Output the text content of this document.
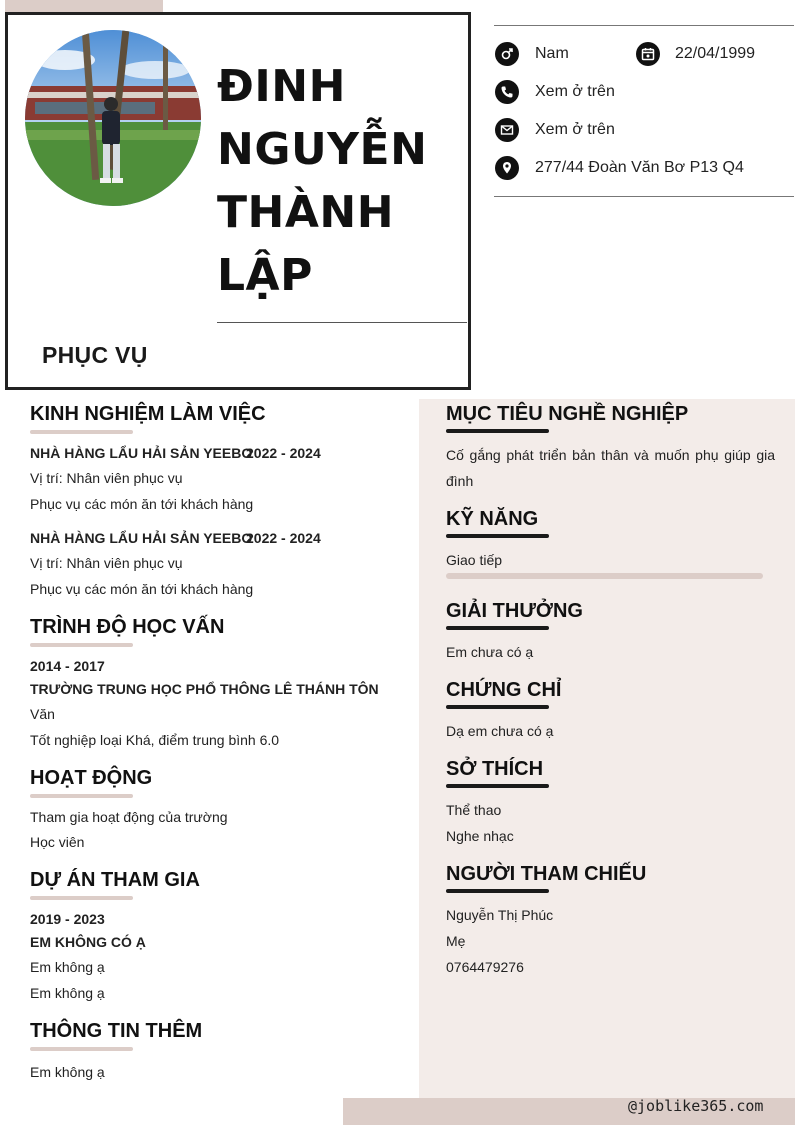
ĐINH
NGUYỄN
THÀNH
LẬP
PHỤC VỤ
Nam	22/04/1999
Xem ở trên
Xem ở trên
277/44 Đoàn Văn Bơ P13 Q4
@joblike365.com
KINH NGHIỆM LÀM VIỆC
NHÀ HÀNG LẨU HẢI SẢN YEEBO
2022 - 2024
Vị trí: Nhân viên phục vụ
Phục vụ các món ăn tới khách hàng
NHÀ HÀNG LẨU HẢI SẢN YEEBO
2022 - 2024
Vị trí: Nhân viên phục vụ
Phục vụ các món ăn tới khách hàng
TRÌNH ĐỘ HỌC VẤN
2014 - 2017
TRƯỜNG TRUNG HỌC PHỔ THÔNG LÊ THÁNH TÔN
Văn
Tốt nghiệp loại Khá, điểm trung bình 6.0
HOẠT ĐỘNG
Tham gia hoạt động của trường
Học viên
DỰ ÁN THAM GIA
2019 - 2023
EM KHÔNG CÓ Ạ
Em không ạ
Em không ạ
THÔNG TIN THÊM
Em không ạ
MỤC TIÊU NGHỀ NGHIỆP
Cố gắng phát triển bản thân và muốn phụ giúp gia đình
KỸ NĂNG
Giao tiếp
GIẢI THƯỞNG
Em chưa có ạ
CHỨNG CHỈ
Dạ em chưa có ạ
SỞ THÍCH
Thể thao
Nghe nhạc
NGƯỜI THAM CHIẾU
Nguyễn Thị Phúc
Mẹ
0764479276
